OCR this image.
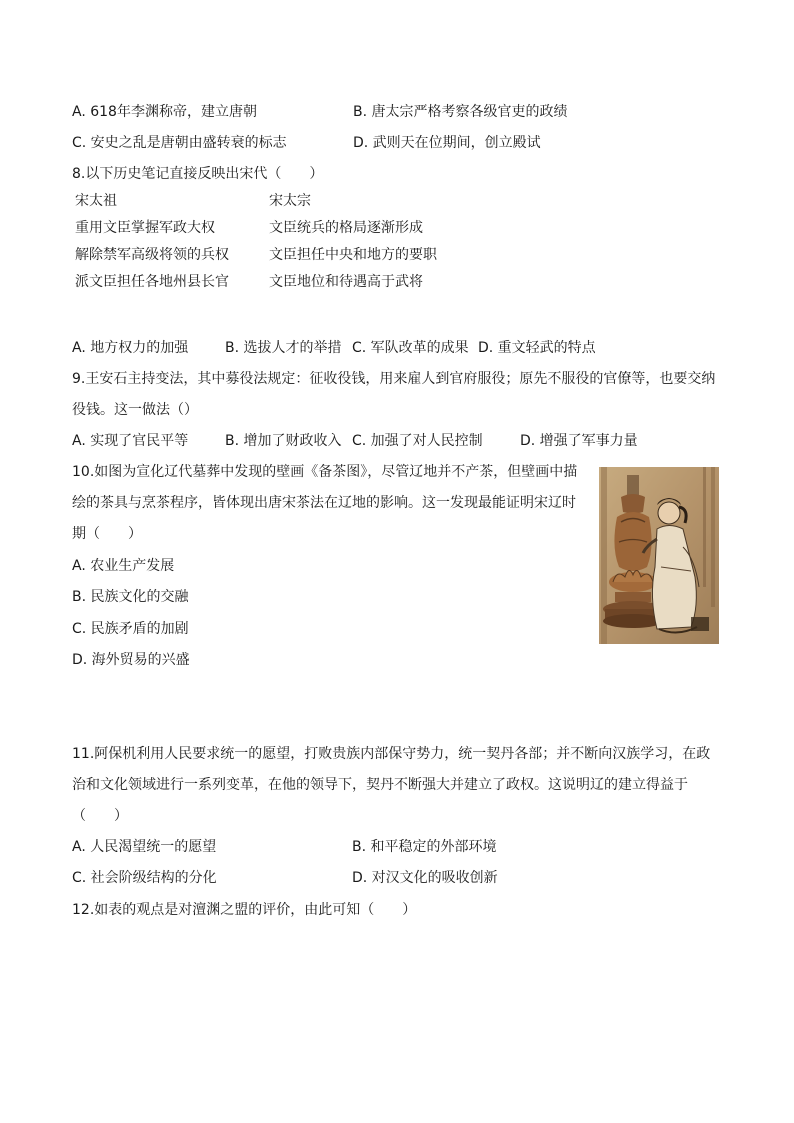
A. 618年李渊称帝，建立唐朝	B. 唐太宗严格考察各级官吏的政绩
C. 安史之乱是唐朝由盛转衰的标志	D. 武则天在位期间，创立殿试
8.以下历史笔记直接反映出宋代（　　）
宋太祖	宋太宗
重用文臣掌握军政大权	文臣统兵的格局逐渐形成
解除禁军高级将领的兵权	文臣担任中央和地方的要职
派文臣担任各地州县长官	文臣地位和待遇高于武将
A. 地方权力的加强	B. 选拔人才的举措 C. 军队改革的成果 D. 重文轻武的特点
9.王安石主持变法，其中募役法规定：征收役钱，用来雇人到官府服役；原先不服役的官僚等，也要交纳
役钱。这一做法（）
A. 实现了官民平等	B. 增加了财政收入 C. 加强了对人民控制	D. 增强了军事力量
10.如图为宣化辽代墓葬中发现的壁画《备茶图》，尽管辽地并不产茶，但壁画中描
绘的茶具与烹茶程序，皆体现出唐宋茶法在辽地的影响。这一发现最能证明宋辽时
期（　　）
A. 农业生产发展
B. 民族文化的交融
C. 民族矛盾的加剧
D. 海外贸易的兴盛
11.阿保机利用人民要求统一的愿望，打败贵族内部保守势力，统一契丹各部；并不断向汉族学习，在政
治和文化领域进行一系列变革，在他的领导下，契丹不断强大并建立了政权。这说明辽的建立得益于
（　　）
A. 人民渴望统一的愿望	B. 和平稳定的外部环境
C. 社会阶级结构的分化	D. 对汉文化的吸收创新
12.如表的观点是对澶渊之盟的评价，由此可知（　　）
